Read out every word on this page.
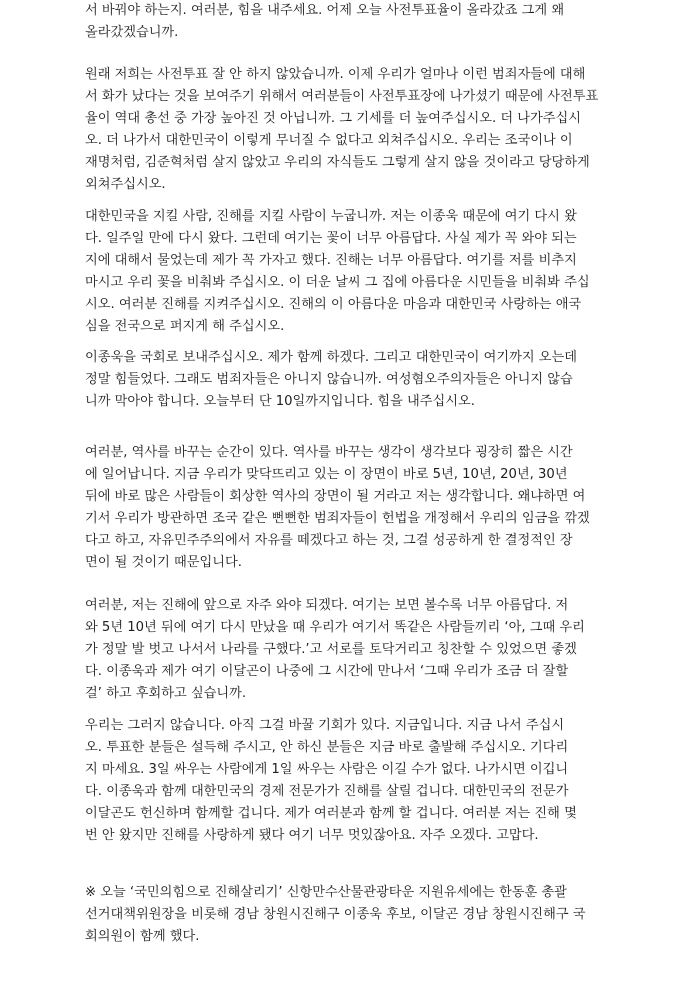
서 바꿔야 하는지. 여러분, 힘을 내주세요. 어제 오늘 사전투표율이 올라갔죠 그게 왜
올라갔겠습니까.

원래 저희는 사전투표 잘 안 하지 않았습니까. 이제 우리가 얼마나 이런 범죄자들에 대해
서 화가 났다는 것을 보여주기 위해서 여러분들이 사전투표장에 나가셨기 때문에 사전투표
율이 역대 총선 중 가장 높아진 것 아닙니까. 그 기세를 더 높여주십시오. 더 나가주십시
오. 더 나가서 대한민국이 이렇게 무너질 수 없다고 외쳐주십시오. 우리는 조국이나 이
재명처럼, 김준혁처럼 살지 않았고 우리의 자식들도 그렇게 살지 않을 것이라고 당당하게
외쳐주십시오.

대한민국을 지킬 사람, 진해를 지킬 사람이 누굽니까. 저는 이종욱 때문에 여기 다시 왔
다. 일주일 만에 다시 왔다. 그런데 여기는 꽃이 너무 아름답다. 사실 제가 꼭 와야 되는
지에 대해서 물었는데 제가 꼭 가자고 했다. 진해는 너무 아름답다. 여기를 저를 비추지
마시고 우리 꽃을 비춰봐 주십시오. 이 더운 날씨 그 집에 아름다운 시민들을 비춰봐 주십
시오. 여러분 진해를 지켜주십시오. 진해의 이 아름다운 마음과 대한민국 사랑하는 애국
심을 전국으로 퍼지게 해 주십시오.

이종욱을 국회로 보내주십시오. 제가 함께 하겠다. 그리고 대한민국이 여기까지 오는데
정말 힘들었다. 그래도 범죄자들은 아니지 않습니까. 여성혐오주의자들은 아니지 않습
니까 막아야 합니다. 오늘부터 단 10일까지입니다. 힘을 내주십시오.

여러분, 역사를 바꾸는 순간이 있다. 역사를 바꾸는 생각이 생각보다 굉장히 짧은 시간
에 일어납니다. 지금 우리가 맞닥뜨리고 있는 이 장면이 바로 5년, 10년, 20년, 30년
뒤에 바로 많은 사람들이 회상한 역사의 장면이 될 거라고 저는 생각합니다. 왜냐하면 여
기서 우리가 방관하면 조국 같은 뻔뻔한 범죄자들이 헌법을 개정해서 우리의 임금을 깎겠
다고 하고, 자유민주주의에서 자유를 떼겠다고 하는 것, 그걸 성공하게 한 결정적인 장
면이 될 것이기 때문입니다.

여러분, 저는 진해에 앞으로 자주 와야 되겠다. 여기는 보면 볼수록 너무 아름답다. 저
와 5년 10년 뒤에 여기 다시 만났을 때 우리가 여기서 똑같은 사람들끼리 ‘아, 그때 우리
가 정말 발 벗고 나서서 나라를 구했다.’고 서로를 토닥거리고 칭찬할 수 있었으면 좋겠
다. 이종욱과 제가 여기 이달곤이 나중에 그 시간에 만나서 ‘그때 우리가 조금 더 잘할
걸’ 하고 후회하고 싶습니까.

우리는 그러지 않습니다. 아직 그걸 바꿀 기회가 있다. 지금입니다. 지금 나서 주십시
오. 투표한 분들은 설득해 주시고, 안 하신 분들은 지금 바로 출발해 주십시오. 기다리
지 마세요. 3일 싸우는 사람에게 1일 싸우는 사람은 이길 수가 없다. 나가시면 이깁니
다. 이종욱과 함께 대한민국의 경제 전문가가 진해를 살릴 겁니다. 대한민국의 전문가
이달곤도 헌신하며 함께할 겁니다. 제가 여러분과 함께 할 겁니다. 여러분 저는 진해 몇
번 안 왔지만 진해를 사랑하게 됐다 여기 너무 멋있잖아요. 자주 오겠다. 고맙다.

※ 오늘 ‘국민의힘으로 진해살리기’ 신항만수산물관광타운 지원유세에는 한동훈 총괄
선거대책위원장을 비롯해 경남 창원시진해구 이종욱 후보, 이달곤 경남 창원시진해구 국
회의원이 함께 했다.
